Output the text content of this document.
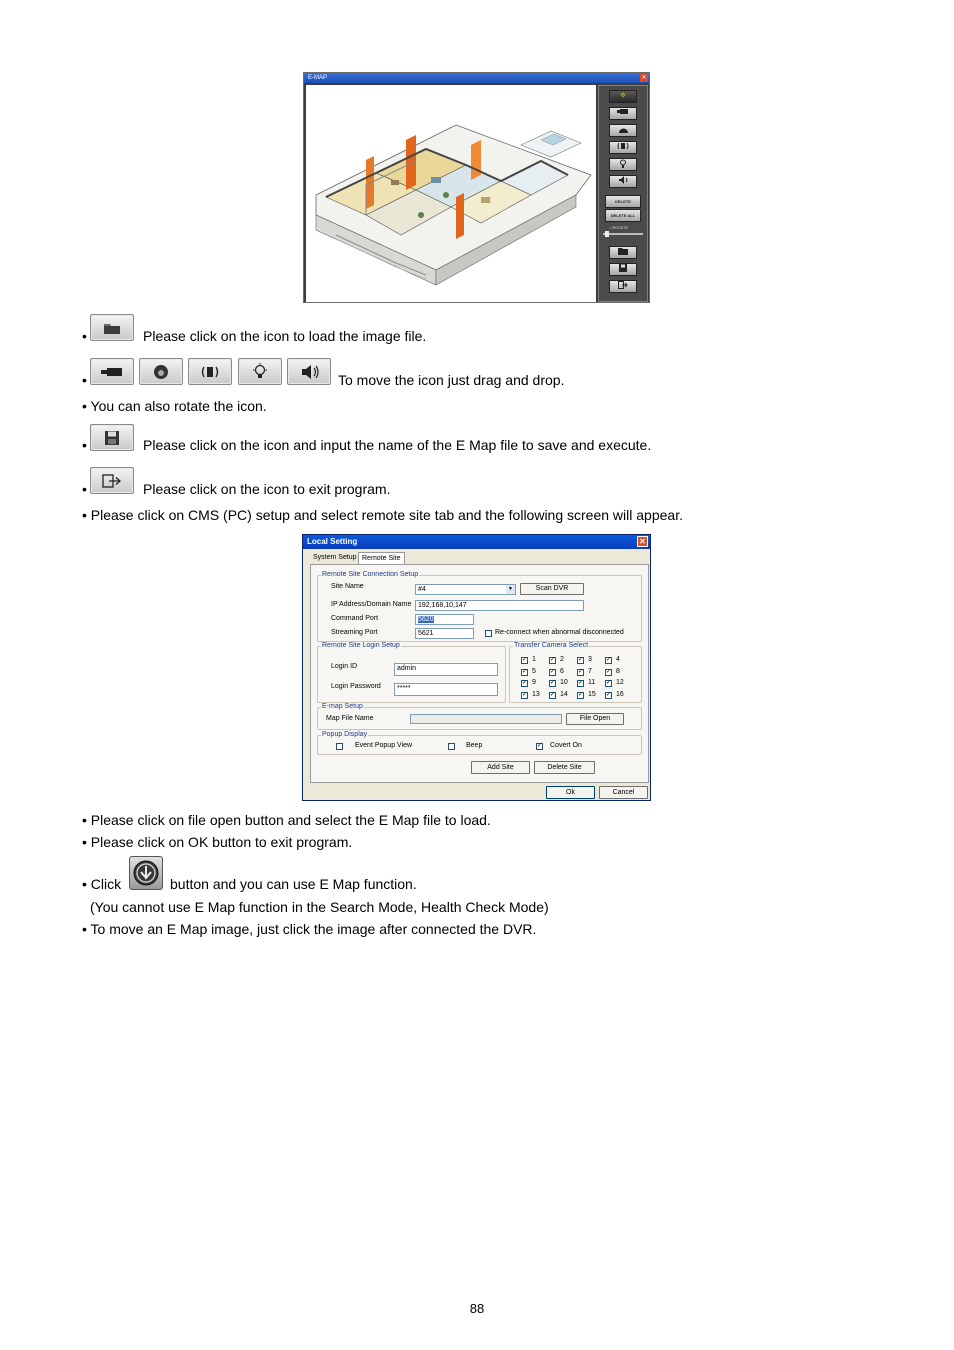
E-MAP	✕
✣
DELETE
DELETE ALL
○ ROTATE
•	Please click on the icon to load the image file.
•	To move the icon just drag and drop.
• You can also rotate the icon.
•	Please click on the icon and input the name of the E Map file to save and execute.
•	Please click on the icon to exit program.
• Please click on CMS (PC) setup and select remote site tab and the following screen will appear.
Local Setting	✕
System Setup Remote Site
Remote Site Connection Setup
Site Name	#4	▼	Scan DVR
IP Address/Domain Name 192,168,10,147
Command Port	5620
Streaming Port	5621	Re-connect when abnormal disconnected
Remote Site Login Setup
Login ID	admin
Login Password	*****
Transfer Camera Select
✓ 1 ✓ 2 ✓ 3 ✓ 4
✓ 5 ✓ 6 ✓ 7 ✓ 8
✓ 9 ✓ 10 ✓ 11 ✓ 12
✓ 13 ✓ 14 ✓ 15 ✓ 16
E-map Setup
Map File Name	File Open
Popup Display
Event Popup View	Beep	✓ Covert On
Add Site	Delete Site
Ok	Cancel
• Please click on file open button and select the E Map file to load.
• Please click on OK button to exit program.
• Click	button and you can use E Map function.
(You cannot use E Map function in the Search Mode, Health Check Mode)
• To move an E Map image, just click the image after connected the DVR.
88
